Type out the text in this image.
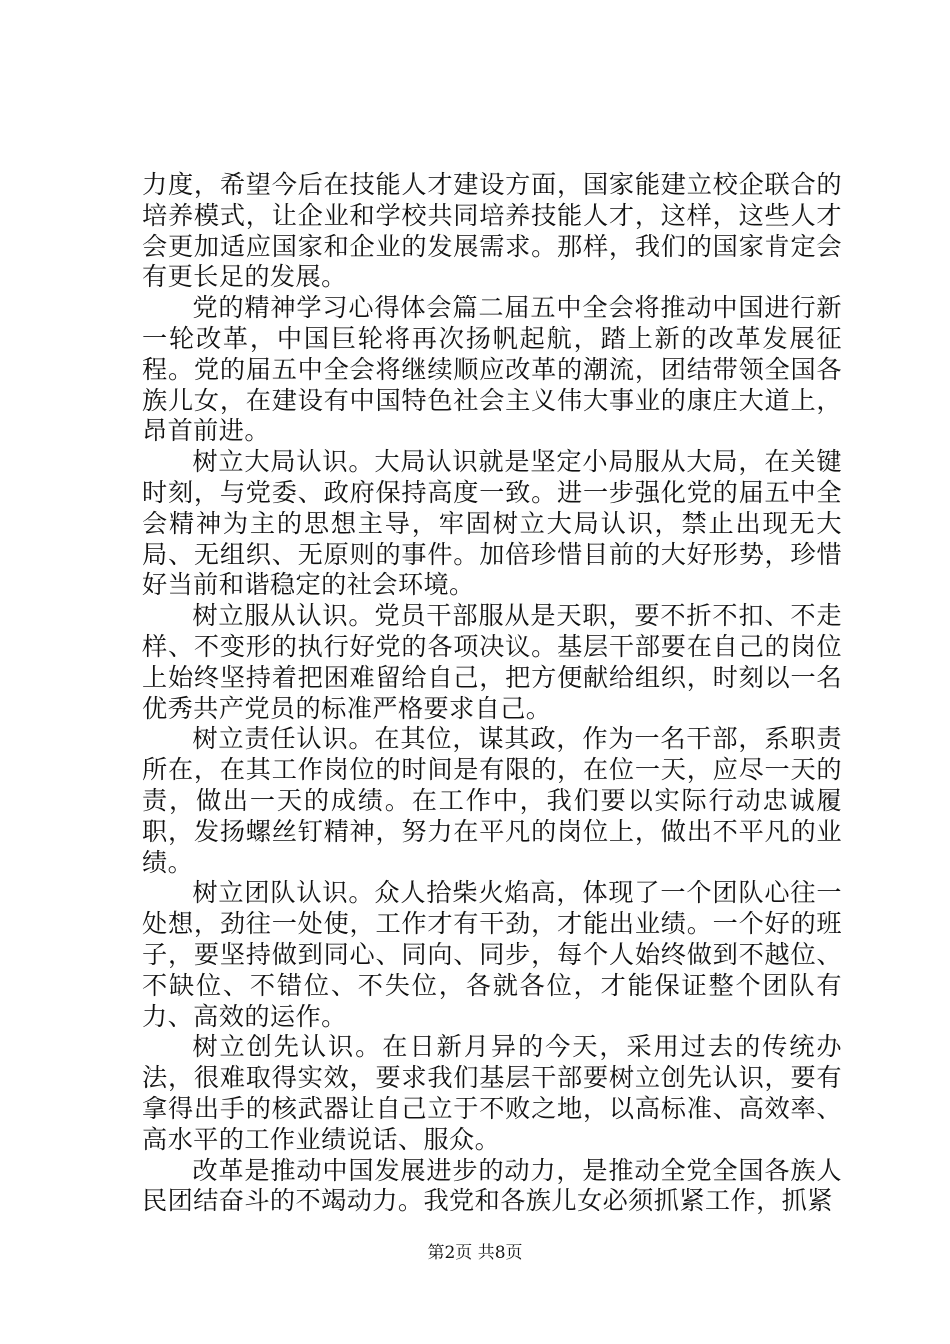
力度，希望今后在技能人才建设方面，国家能建立校企联合的培养模式，让企业和学校共同培养技能人才，这样，这些人才会更加适应国家和企业的发展需求。那样，我们的国家肯定会有更长足的发展。

党的精神学习心得体会篇二届五中全会将推动中国进行新一轮改革，中国巨轮将再次扬帆起航，踏上新的改革发展征程。党的届五中全会将继续顺应改革的潮流，团结带领全国各族儿女，在建设有中国特色社会主义伟大事业的康庄大道上，昂首前进。

树立大局认识。大局认识就是坚定小局服从大局，在关键时刻，与党委、政府保持高度一致。进一步强化党的届五中全会精神为主的思想主导，牢固树立大局认识，禁止出现无大局、无组织、无原则的事件。加倍珍惜目前的大好形势，珍惜好当前和谐稳定的社会环境。

树立服从认识。党员干部服从是天职，要不折不扣、不走样、不变形的执行好党的各项决议。基层干部要在自己的岗位上始终坚持着把困难留给自己，把方便献给组织，时刻以一名优秀共产党员的标准严格要求自己。

树立责任认识。在其位，谋其政，作为一名干部，系职责所在，在其工作岗位的时间是有限的，在位一天，应尽一天的责，做出一天的成绩。在工作中，我们要以实际行动忠诚履职，发扬螺丝钉精神，努力在平凡的岗位上，做出不平凡的业绩。

树立团队认识。众人拾柴火焰高，体现了一个团队心往一处想，劲往一处使，工作才有干劲，才能出业绩。一个好的班子，要坚持做到同心、同向、同步，每个人始终做到不越位、不缺位、不错位、不失位，各就各位，才能保证整个团队有力、高效的运作。

树立创先认识。在日新月异的今天，采用过去的传统办法，很难取得实效，要求我们基层干部要树立创先认识，要有拿得出手的核武器让自己立于不败之地，以高标准、高效率、高水平的工作业绩说话、服众。

改革是推动中国发展进步的动力，是推动全党全国各族人民团结奋斗的不竭动力。我党和各族儿女必须抓紧工作，抓紧

第2页 共8页
